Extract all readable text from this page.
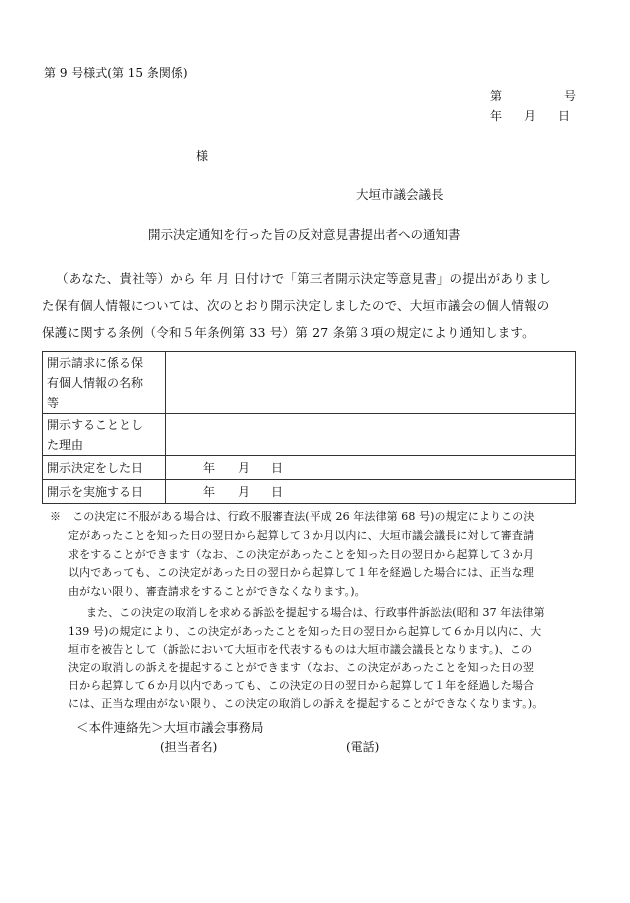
第 9 号様式(第 15 条関係)
第	号
年 月 日
様
大垣市議会議長
開示決定通知を行った旨の反対意見書提出者への通知書
（あなた、貴社等）から 年 月 日付けで「第三者開示決定等意見書」の提出がありまし
た保有個人情報については、次のとおり開示決定しましたので、大垣市議会の個人情報の
保護に関する条例（令和５年条例第 33 号）第 27 条第３項の規定により通知します。
開示請求に係る保
有個人情報の名称
等	

開示することとし
た理由	

開示決定をした日	年 月 日
開示を実施する日	年 月 日
※　この決定に不服がある場合は、行政不服審査法(平成 26 年法律第 68 号)の規定によりこの決
定があったことを知った日の翌日から起算して３か月以内に、大垣市議会議長に対して審査請
求をすることができます（なお、この決定があったことを知った日の翌日から起算して３か月
以内であっても、この決定があった日の翌日から起算して１年を経過した場合には、正当な理
由がない限り、審査請求をすることができなくなります。)。
また、この決定の取消しを求める訴訟を提起する場合は、行政事件訴訟法(昭和 37 年法律第
139 号)の規定により、この決定があったことを知った日の翌日から起算して６か月以内に、大
垣市を被告として（訴訟において大垣市を代表するものは大垣市議会議長となります。)、この
決定の取消しの訴えを提起することができます（なお、この決定があったことを知った日の翌
日から起算して６か月以内であっても、この決定の日の翌日から起算して１年を経過した場合
には、正当な理由がない限り、この決定の取消しの訴えを提起することができなくなります。)。
＜本件連絡先＞大垣市議会事務局
(担当者名)	(電話)
